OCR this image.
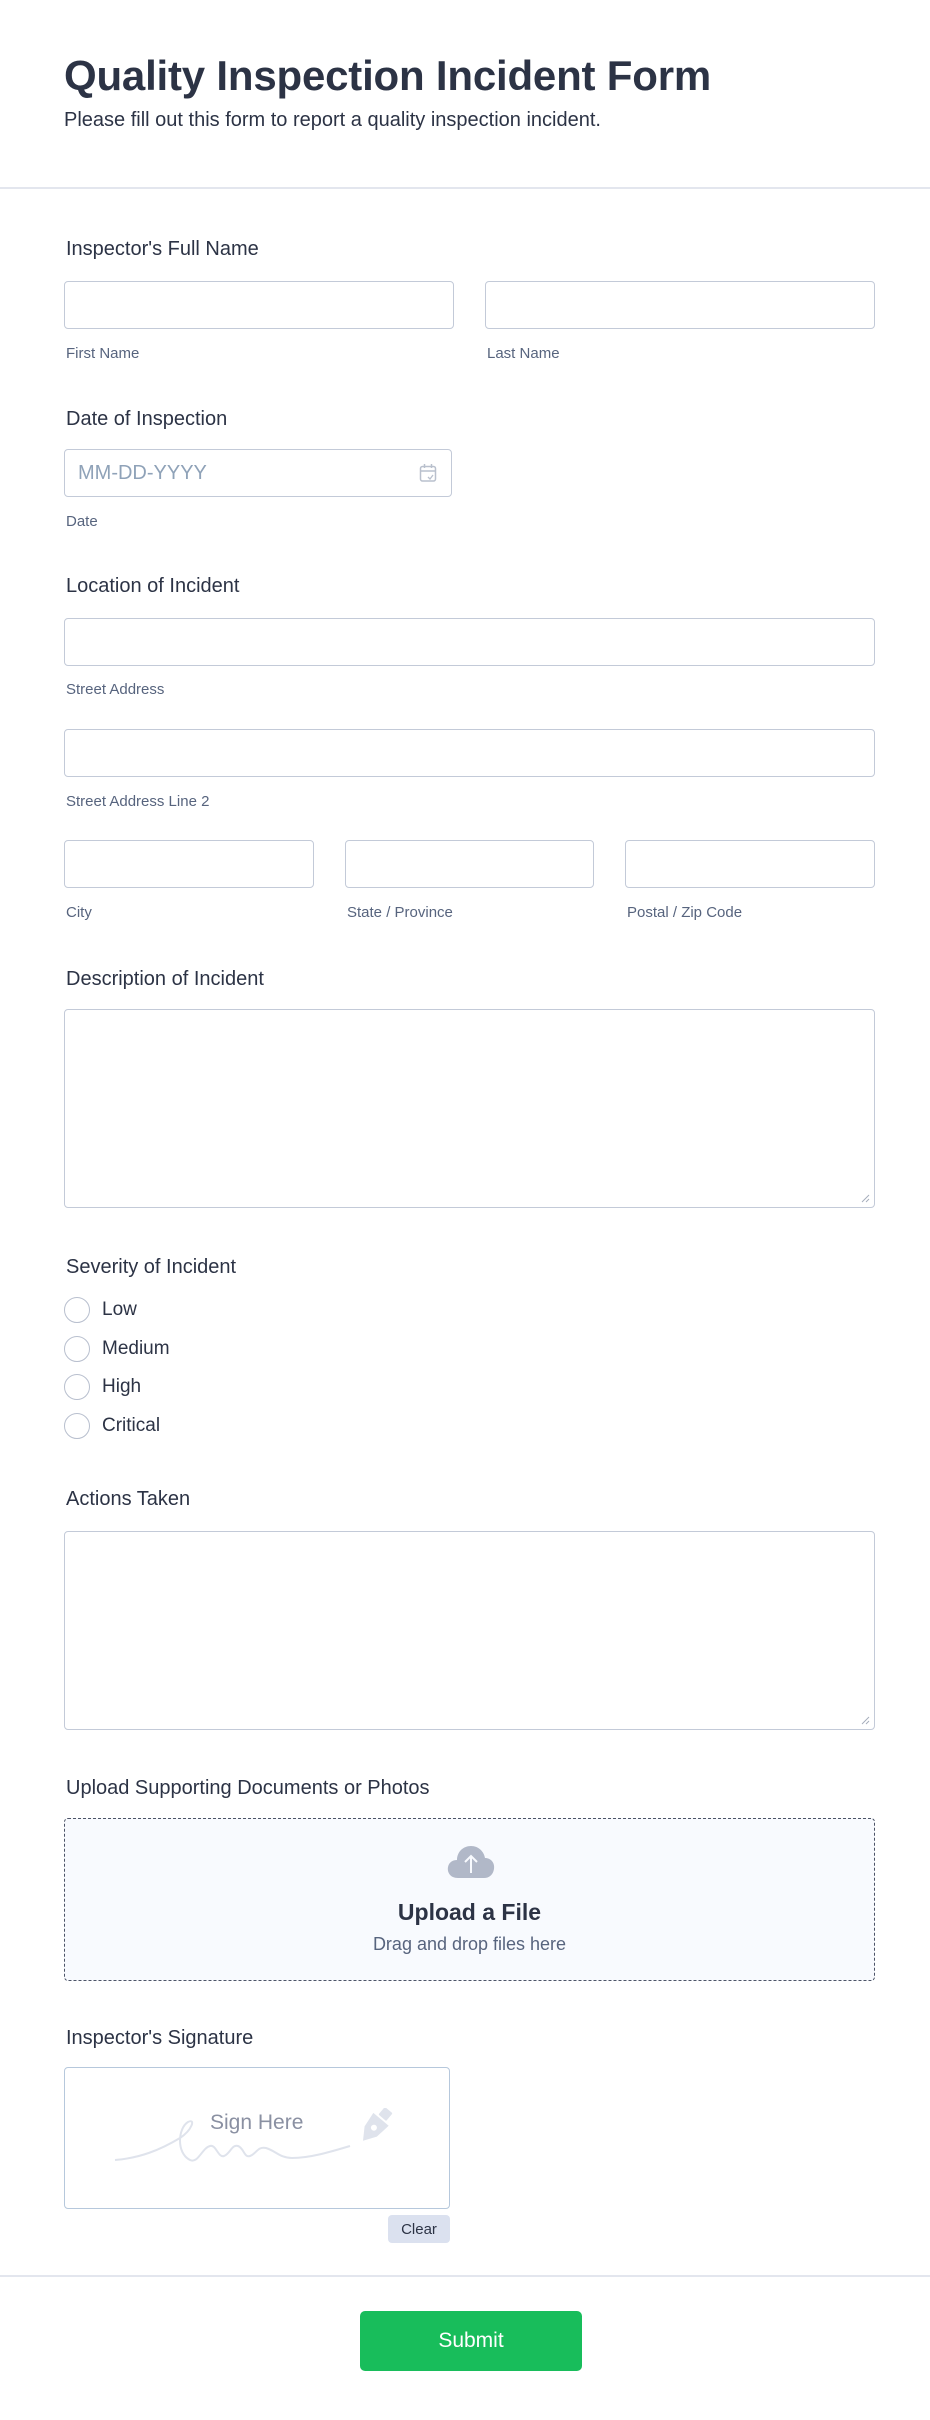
Quality Inspection Incident Form
Please fill out this form to report a quality inspection incident.
Inspector's Full Name
First Name	Last Name
Date of Inspection
MM-DD-YYYY
Date
Location of Incident
Street Address
Street Address Line 2
City	State / Province	Postal / Zip Code
Description of Incident
Severity of Incident
Low
Medium
High
Critical
Actions Taken
Upload Supporting Documents or Photos
Upload a File
Drag and drop files here
Inspector's Signature
Sign Here
Clear
Submit
